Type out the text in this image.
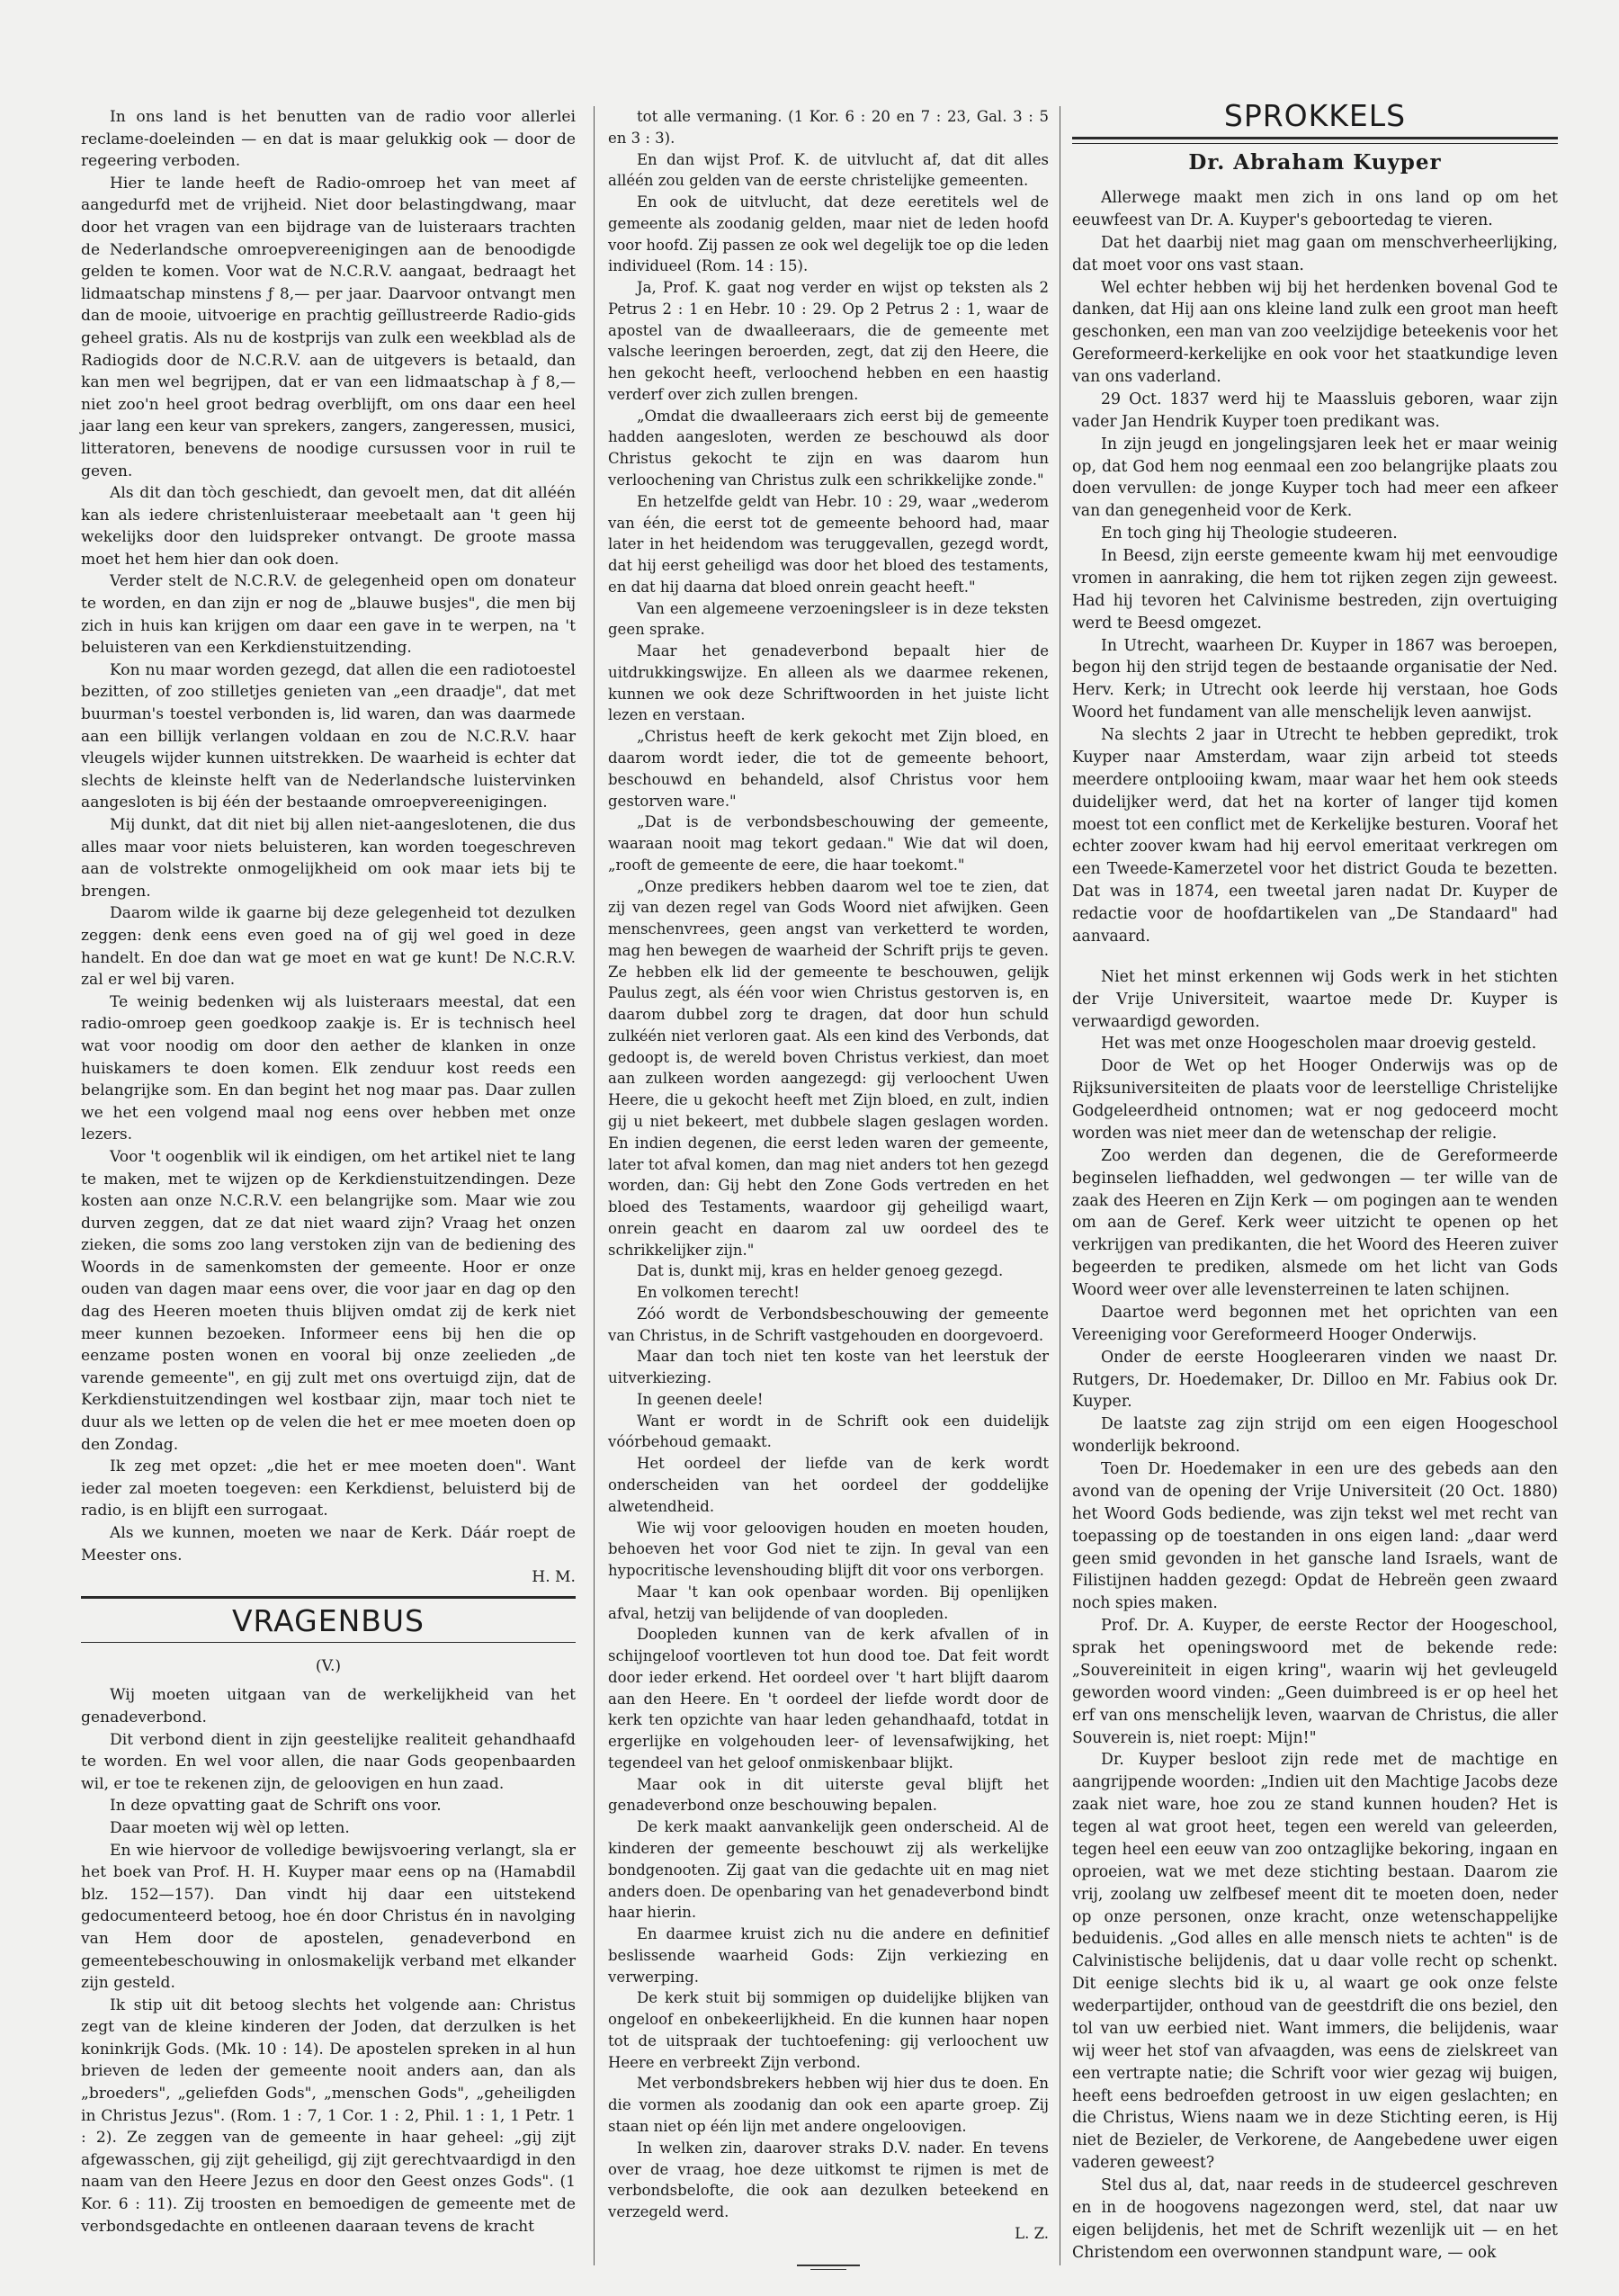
In ons land is het benutten van de radio voor allerlei reclame-doeleinden — en dat is maar gelukkig ook — door de regeering verboden.

Hier te lande heeft de Radio-omroep het van meet af aangedurfd met de vrijheid. Niet door belastingdwang, maar door het vragen van een bijdrage van de luisteraars trachten de Nederlandsche omroepvereenigingen aan de benoodigde gelden te komen. Voor wat de N.C.R.V. aangaat, bedraagt het lidmaatschap minstens ƒ 8,— per jaar. Daarvoor ontvangt men dan de mooie, uitvoerige en prachtig geïllustreerde Radio-gids geheel gratis. Als nu de kostprijs van zulk een weekblad als de Radiogids door de N.C.R.V. aan de uitgevers is betaald, dan kan men wel begrijpen, dat er van een lidmaatschap à ƒ 8,— niet zoo'n heel groot bedrag overblijft, om ons daar een heel jaar lang een keur van sprekers, zangers, zangeressen, musici, litteratoren, benevens de noodige cursussen voor in ruil te geven.

Als dit dan tòch geschiedt, dan gevoelt men, dat dit alléén kan als iedere christenluisteraar meebetaalt aan 't geen hij wekelijks door den luidspreker ontvangt. De groote massa moet het hem hier dan ook doen.

Verder stelt de N.C.R.V. de gelegenheid open om donateur te worden, en dan zijn er nog de „blauwe busjes", die men bij zich in huis kan krijgen om daar een gave in te werpen, na 't beluisteren van een Kerkdienstuitzending.

Kon nu maar worden gezegd, dat allen die een radiotoestel bezitten, of zoo stilletjes genieten van „een draadje", dat met buurman's toestel verbonden is, lid waren, dan was daarmede aan een billijk verlangen voldaan en zou de N.C.R.V. haar vleugels wijder kunnen uitstrekken. De waarheid is echter dat slechts de kleinste helft van de Nederlandsche luistervinken aangesloten is bij één der bestaande omroepvereenigingen.

Mij dunkt, dat dit niet bij allen niet-aangeslotenen, die dus alles maar voor niets beluisteren, kan worden toegeschreven aan de volstrekte onmogelijkheid om ook maar iets bij te brengen.

Daarom wilde ik gaarne bij deze gelegenheid tot dezulken zeggen: denk eens even goed na of gij wel goed in deze handelt. En doe dan wat ge moet en wat ge kunt! De N.C.R.V. zal er wel bij varen.

Te weinig bedenken wij als luisteraars meestal, dat een radio-omroep geen goedkoop zaakje is. Er is technisch heel wat voor noodig om door den aether de klanken in onze huiskamers te doen komen. Elk zenduur kost reeds een belangrijke som. En dan begint het nog maar pas. Daar zullen we het een volgend maal nog eens over hebben met onze lezers.

Voor 't oogenblik wil ik eindigen, om het artikel niet te lang te maken, met te wijzen op de Kerkdienstuitzendingen. Deze kosten aan onze N.C.R.V. een belangrijke som. Maar wie zou durven zeggen, dat ze dat niet waard zijn? Vraag het onzen zieken, die soms zoo lang verstoken zijn van de bediening des Woords in de samenkomsten der gemeente. Hoor er onze ouden van dagen maar eens over, die voor jaar en dag op den dag des Heeren moeten thuis blijven omdat zij de kerk niet meer kunnen bezoeken. Informeer eens bij hen die op eenzame posten wonen en vooral bij onze zeelieden „de varende gemeente", en gij zult met ons overtuigd zijn, dat de Kerkdienstuitzendingen wel kostbaar zijn, maar toch niet te duur als we letten op de velen die het er mee moeten doen op den Zondag.

Ik zeg met opzet: „die het er mee moeten doen". Want ieder zal moeten toegeven: een Kerkdienst, beluisterd bij de radio, is en blijft een surrogaat.

Als we kunnen, moeten we naar de Kerk. Dáár roept de Meester ons.

H. M.

VRAGENBUS

(V.)

Wij moeten uitgaan van de werkelijkheid van het genadeverbond.

Dit verbond dient in zijn geestelijke realiteit gehandhaafd te worden. En wel voor allen, die naar Gods geopenbaarden wil, er toe te rekenen zijn, de geloovigen en hun zaad.

In deze opvatting gaat de Schrift ons voor.

Daar moeten wij wèl op letten.

En wie hiervoor de volledige bewijsvoering verlangt, sla er het boek van Prof. H. H. Kuyper maar eens op na (Hamabdil blz. 152—157). Dan vindt hij daar een uitstekend gedocumenteerd betoog, hoe én door Christus én in navolging van Hem door de apostelen, genadeverbond en gemeentebeschouwing in onlosmakelijk verband met elkander zijn gesteld.

Ik stip uit dit betoog slechts het volgende aan: Christus zegt van de kleine kinderen der Joden, dat derzulken is het koninkrijk Gods. (Mk. 10 : 14). De apostelen spreken in al hun brieven de leden der gemeente nooit anders aan, dan als „broeders", „geliefden Gods", „menschen Gods", „geheiligden in Christus Jezus". (Rom. 1 : 7, 1 Cor. 1 : 2, Phil. 1 : 1, 1 Petr. 1 : 2). Ze zeggen van de gemeente in haar geheel: „gij zijt afgewasschen, gij zijt geheiligd, gij zijt gerechtvaardigd in den naam van den Heere Jezus en door den Geest onzes Gods". (1 Kor. 6 : 11). Zij troosten en bemoedigen de gemeente met de verbondsgedachte en ontleenen daaraan tevens de kracht

tot alle vermaning. (1 Kor. 6 : 20 en 7 : 23, Gal. 3 : 5 en 3 : 3).

En dan wijst Prof. K. de uitvlucht af, dat dit alles alléén zou gelden van de eerste christelijke gemeenten.

En ook de uitvlucht, dat deze eeretitels wel de gemeente als zoodanig gelden, maar niet de leden hoofd voor hoofd. Zij passen ze ook wel degelijk toe op die leden individueel (Rom. 14 : 15).

Ja, Prof. K. gaat nog verder en wijst op teksten als 2 Petrus 2 : 1 en Hebr. 10 : 29. Op 2 Petrus 2 : 1, waar de apostel van de dwaalleeraars, die de gemeente met valsche leeringen beroerden, zegt, dat zij den Heere, die hen gekocht heeft, verloochend hebben en een haastig verderf over zich zullen brengen.

„Omdat die dwaalleeraars zich eerst bij de gemeente hadden aangesloten, werden ze beschouwd als door Christus gekocht te zijn en was daarom hun verloochening van Christus zulk een schrikkelijke zonde."

En hetzelfde geldt van Hebr. 10 : 29, waar „wederom van één, die eerst tot de gemeente behoord had, maar later in het heidendom was teruggevallen, gezegd wordt, dat hij eerst geheiligd was door het bloed des testaments, en dat hij daarna dat bloed onrein geacht heeft."

Van een algemeene verzoeningsleer is in deze teksten geen sprake.

Maar het genadeverbond bepaalt hier de uitdrukkingswijze. En alleen als we daarmee rekenen, kunnen we ook deze Schriftwoorden in het juiste licht lezen en verstaan.

„Christus heeft de kerk gekocht met Zijn bloed, en daarom wordt ieder, die tot de gemeente behoort, beschouwd en behandeld, alsof Christus voor hem gestorven ware."

„Dat is de verbondsbeschouwing der gemeente, waaraan nooit mag tekort gedaan." Wie dat wil doen, „rooft de gemeente de eere, die haar toekomt."

„Onze predikers hebben daarom wel toe te zien, dat zij van dezen regel van Gods Woord niet afwijken. Geen menschenvrees, geen angst van verketterd te worden, mag hen bewegen de waarheid der Schrift prijs te geven. Ze hebben elk lid der gemeente te beschouwen, gelijk Paulus zegt, als één voor wien Christus gestorven is, en daarom dubbel zorg te dragen, dat door hun schuld zulkéén niet verloren gaat. Als een kind des Verbonds, dat gedoopt is, de wereld boven Christus verkiest, dan moet aan zulkeen worden aangezegd: gij verloochent Uwen Heere, die u gekocht heeft met Zijn bloed, en zult, indien gij u niet bekeert, met dubbele slagen geslagen worden. En indien degenen, die eerst leden waren der gemeente, later tot afval komen, dan mag niet anders tot hen gezegd worden, dan: Gij hebt den Zone Gods vertreden en het bloed des Testaments, waardoor gij geheiligd waart, onrein geacht en daarom zal uw oordeel des te schrikkelijker zijn."

Dat is, dunkt mij, kras en helder genoeg gezegd.

En volkomen terecht!

Zóó wordt de Verbondsbeschouwing der gemeente van Christus, in de Schrift vastgehouden en doorgevoerd.

Maar dan toch niet ten koste van het leerstuk der uitverkiezing.

In geenen deele!

Want er wordt in de Schrift ook een duidelijk vóórbehoud gemaakt.

Het oordeel der liefde van de kerk wordt onderscheiden van het oordeel der goddelijke alwetendheid.

Wie wij voor geloovigen houden en moeten houden, behoeven het voor God niet te zijn. In geval van een hypocritische levenshouding blijft dit voor ons verborgen.

Maar 't kan ook openbaar worden. Bij openlijken afval, hetzij van belijdende of van doopleden.

Doopleden kunnen van de kerk afvallen of in schijngeloof voortleven tot hun dood toe. Dat feit wordt door ieder erkend. Het oordeel over 't hart blijft daarom aan den Heere. En 't oordeel der liefde wordt door de kerk ten opzichte van haar leden gehandhaafd, totdat in ergerlijke en volgehouden leer- of levensafwijking, het tegendeel van het geloof onmiskenbaar blijkt.

Maar ook in dit uiterste geval blijft het genadeverbond onze beschouwing bepalen.

De kerk maakt aanvankelijk geen onderscheid. Al de kinderen der gemeente beschouwt zij als werkelijke bondgenooten. Zij gaat van die gedachte uit en mag niet anders doen. De openbaring van het genadeverbond bindt haar hierin.

En daarmee kruist zich nu die andere en definitief beslissende waarheid Gods: Zijn verkiezing en verwerping.

De kerk stuit bij sommigen op duidelijke blijken van ongeloof en onbekeerlijkheid. En die kunnen haar nopen tot de uitspraak der tuchtoefening: gij verloochent uw Heere en verbreekt Zijn verbond.

Met verbondsbrekers hebben wij hier dus te doen. En die vormen als zoodanig dan ook een aparte groep. Zij staan niet op één lijn met andere ongeloovigen.

In welken zin, daarover straks D.V. nader. En tevens over de vraag, hoe deze uitkomst te rijmen is met de verbondsbelofte, die ook aan dezulken beteekend en verzegeld werd.

L. Z.

SPROKKELS
Dr. Abraham Kuyper

Allerwege maakt men zich in ons land op om het eeuwfeest van Dr. A. Kuyper's geboortedag te vieren.

Dat het daarbij niet mag gaan om menschverheerlijking, dat moet voor ons vast staan.

Wel echter hebben wij bij het herdenken bovenal God te danken, dat Hij aan ons kleine land zulk een groot man heeft geschonken, een man van zoo veelzijdige beteekenis voor het Gereformeerd-kerkelijke en ook voor het staatkundige leven van ons vaderland.

29 Oct. 1837 werd hij te Maassluis geboren, waar zijn vader Jan Hendrik Kuyper toen predikant was.

In zijn jeugd en jongelingsjaren leek het er maar weinig op, dat God hem nog eenmaal een zoo belangrijke plaats zou doen vervullen: de jonge Kuyper toch had meer een afkeer van dan genegenheid voor de Kerk.

En toch ging hij Theologie studeeren.

In Beesd, zijn eerste gemeente kwam hij met eenvoudige vromen in aanraking, die hem tot rijken zegen zijn geweest. Had hij tevoren het Calvinisme bestreden, zijn overtuiging werd te Beesd omgezet.

In Utrecht, waarheen Dr. Kuyper in 1867 was beroepen, begon hij den strijd tegen de bestaande organisatie der Ned. Herv. Kerk; in Utrecht ook leerde hij verstaan, hoe Gods Woord het fundament van alle menschelijk leven aanwijst.

Na slechts 2 jaar in Utrecht te hebben gepredikt, trok Kuyper naar Amsterdam, waar zijn arbeid tot steeds meerdere ontplooiing kwam, maar waar het hem ook steeds duidelijker werd, dat het na korter of langer tijd komen moest tot een conflict met de Kerkelijke besturen. Vooraf het echter zoover kwam had hij eervol emeritaat verkregen om een Tweede-Kamerzetel voor het district Gouda te bezetten. Dat was in 1874, een tweetal jaren nadat Dr. Kuyper de redactie voor de hoofdartikelen van „De Standaard" had aanvaard.

Niet het minst erkennen wij Gods werk in het stichten der Vrije Universiteit, waartoe mede Dr. Kuyper is verwaardigd geworden.

Het was met onze Hoogescholen maar droevig gesteld.

Door de Wet op het Hooger Onderwijs was op de Rijksuniversiteiten de plaats voor de leerstellige Christelijke Godgeleerdheid ontnomen; wat er nog gedoceerd mocht worden was niet meer dan de wetenschap der religie.

Zoo werden dan degenen, die de Gereformeerde beginselen liefhadden, wel gedwongen — ter wille van de zaak des Heeren en Zijn Kerk — om pogingen aan te wenden om aan de Geref. Kerk weer uitzicht te openen op het verkrijgen van predikanten, die het Woord des Heeren zuiver begeerden te prediken, alsmede om het licht van Gods Woord weer over alle levensterreinen te laten schijnen.

Daartoe werd begonnen met het oprichten van een Vereeniging voor Gereformeerd Hooger Onderwijs.

Onder de eerste Hoogleeraren vinden we naast Dr. Rutgers, Dr. Hoedemaker, Dr. Dilloo en Mr. Fabius ook Dr. Kuyper.

De laatste zag zijn strijd om een eigen Hoogeschool wonderlijk bekroond.

Toen Dr. Hoedemaker in een ure des gebeds aan den avond van de opening der Vrije Universiteit (20 Oct. 1880) het Woord Gods bediende, was zijn tekst wel met recht van toepassing op de toestanden in ons eigen land: „daar werd geen smid gevonden in het gansche land Israels, want de Filistijnen hadden gezegd: Opdat de Hebreën geen zwaard noch spies maken.

Prof. Dr. A. Kuyper, de eerste Rector der Hoogeschool, sprak het openingswoord met de bekende rede: „Souvereiniteit in eigen kring", waarin wij het gevleugeld geworden woord vinden: „Geen duimbreed is er op heel het erf van ons menschelijk leven, waarvan de Christus, die aller Souverein is, niet roept: Mijn!"

Dr. Kuyper besloot zijn rede met de machtige en aangrijpende woorden: „Indien uit den Machtige Jacobs deze zaak niet ware, hoe zou ze stand kunnen houden? Het is tegen al wat groot heet, tegen een wereld van geleerden, tegen heel een eeuw van zoo ontzaglijke bekoring, ingaan en oproeien, wat we met deze stichting bestaan. Daarom zie vrij, zoolang uw zelfbesef meent dit te moeten doen, neder op onze personen, onze kracht, onze wetenschappelijke beduidenis. „God alles en alle mensch niets te achten" is de Calvinistische belijdenis, dat u daar volle recht op schenkt. Dit eenige slechts bid ik u, al waart ge ook onze felste wederpartijder, onthoud van de geestdrift die ons beziel, den tol van uw eerbied niet. Want immers, die belijdenis, waar wij weer het stof van afvaagden, was eens de zielskreet van een vertrapte natie; die Schrift voor wier gezag wij buigen, heeft eens bedroefden getroost in uw eigen geslachten; en die Christus, Wiens naam we in deze Stichting eeren, is Hij niet de Bezieler, de Verkorene, de Aangebedene uwer eigen vaderen geweest?

Stel dus al, dat, naar reeds in de studeercel geschreven en in de hoogovens nagezongen werd, stel, dat naar uw eigen belijdenis, het met de Schrift wezenlijk uit — en het Christendom een overwonnen standpunt ware, — ook
